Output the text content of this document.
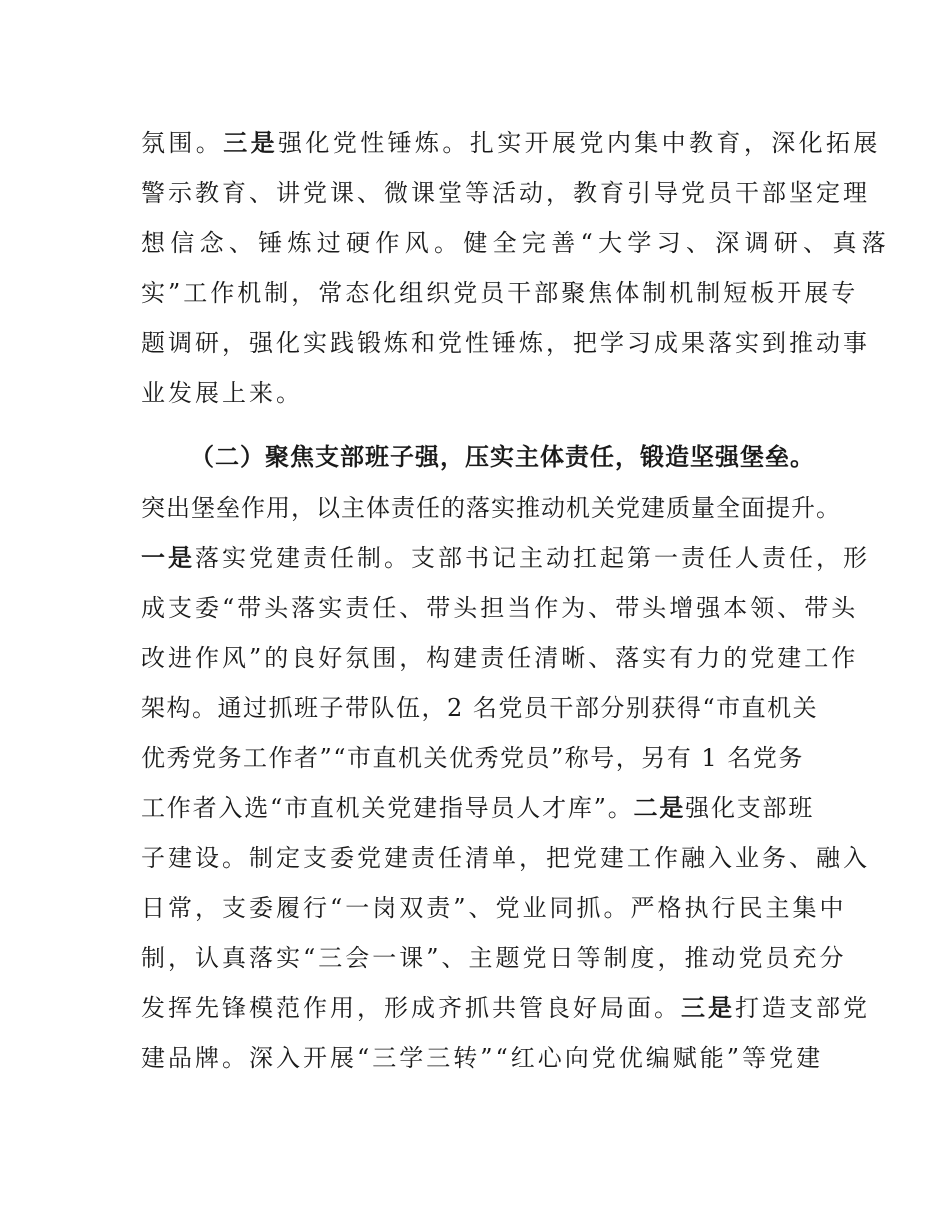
氛围。三是强化党性锤炼。扎实开展党内集中教育，深化拓展
警示教育、讲党课、微课堂等活动，教育引导党员干部坚定理
想信念、锤炼过硬作风。健全完善“大学习、深调研、真落
实”工作机制，常态化组织党员干部聚焦体制机制短板开展专
题调研，强化实践锻炼和党性锤炼，把学习成果落实到推动事
业发展上来。
（二）聚焦支部班子强，压实主体责任，锻造坚强堡垒。
突出堡垒作用，以主体责任的落实推动机关党建质量全面提升。
一是落实党建责任制。支部书记主动扛起第一责任人责任，形
成支委“带头落实责任、带头担当作为、带头增强本领、带头
改进作风”的良好氛围，构建责任清晰、落实有力的党建工作
架构。通过抓班子带队伍，2 名党员干部分别获得“市直机关
优秀党务工作者”“市直机关优秀党员”称号，另有 1 名党务
工作者入选“市直机关党建指导员人才库”。二是强化支部班
子建设。制定支委党建责任清单，把党建工作融入业务、融入
日常，支委履行“一岗双责”、党业同抓。严格执行民主集中
制，认真落实“三会一课”、主题党日等制度，推动党员充分
发挥先锋模范作用，形成齐抓共管良好局面。三是打造支部党
建品牌。深入开展“三学三转”“红心向党优编赋能”等党建
